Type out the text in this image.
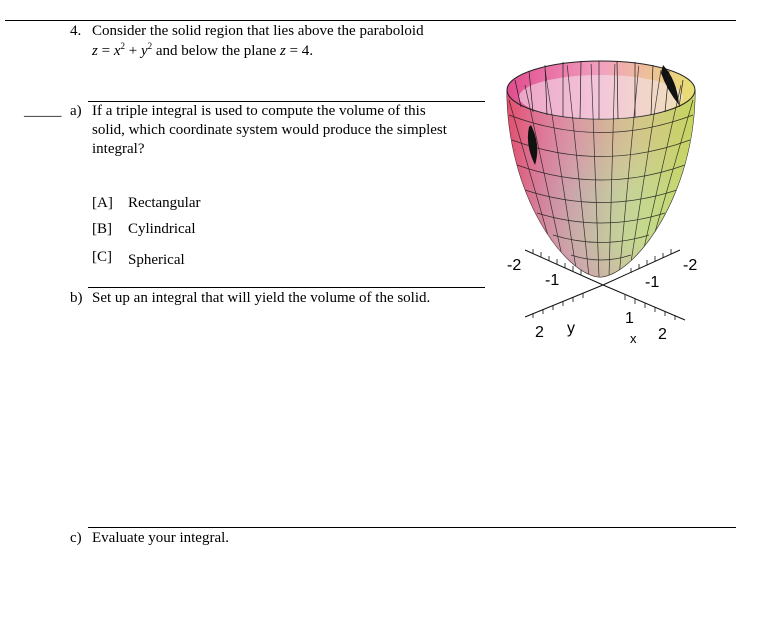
4. Consider the solid region that lies above the paraboloid
$z = x^2 + y^2$ and below the plane z = 4.
_____ a) If a triple integral is used to compute the volume of this
solid, which coordinate system would produce the simplest
integral?
[A] Rectangular
[B] Cylindrical
[C] Spherical
b) Set up an integral that will yield the volume of the solid.
c) Evaluate your integral.
-2
-1
2 y
-2
-1
1
x 2
